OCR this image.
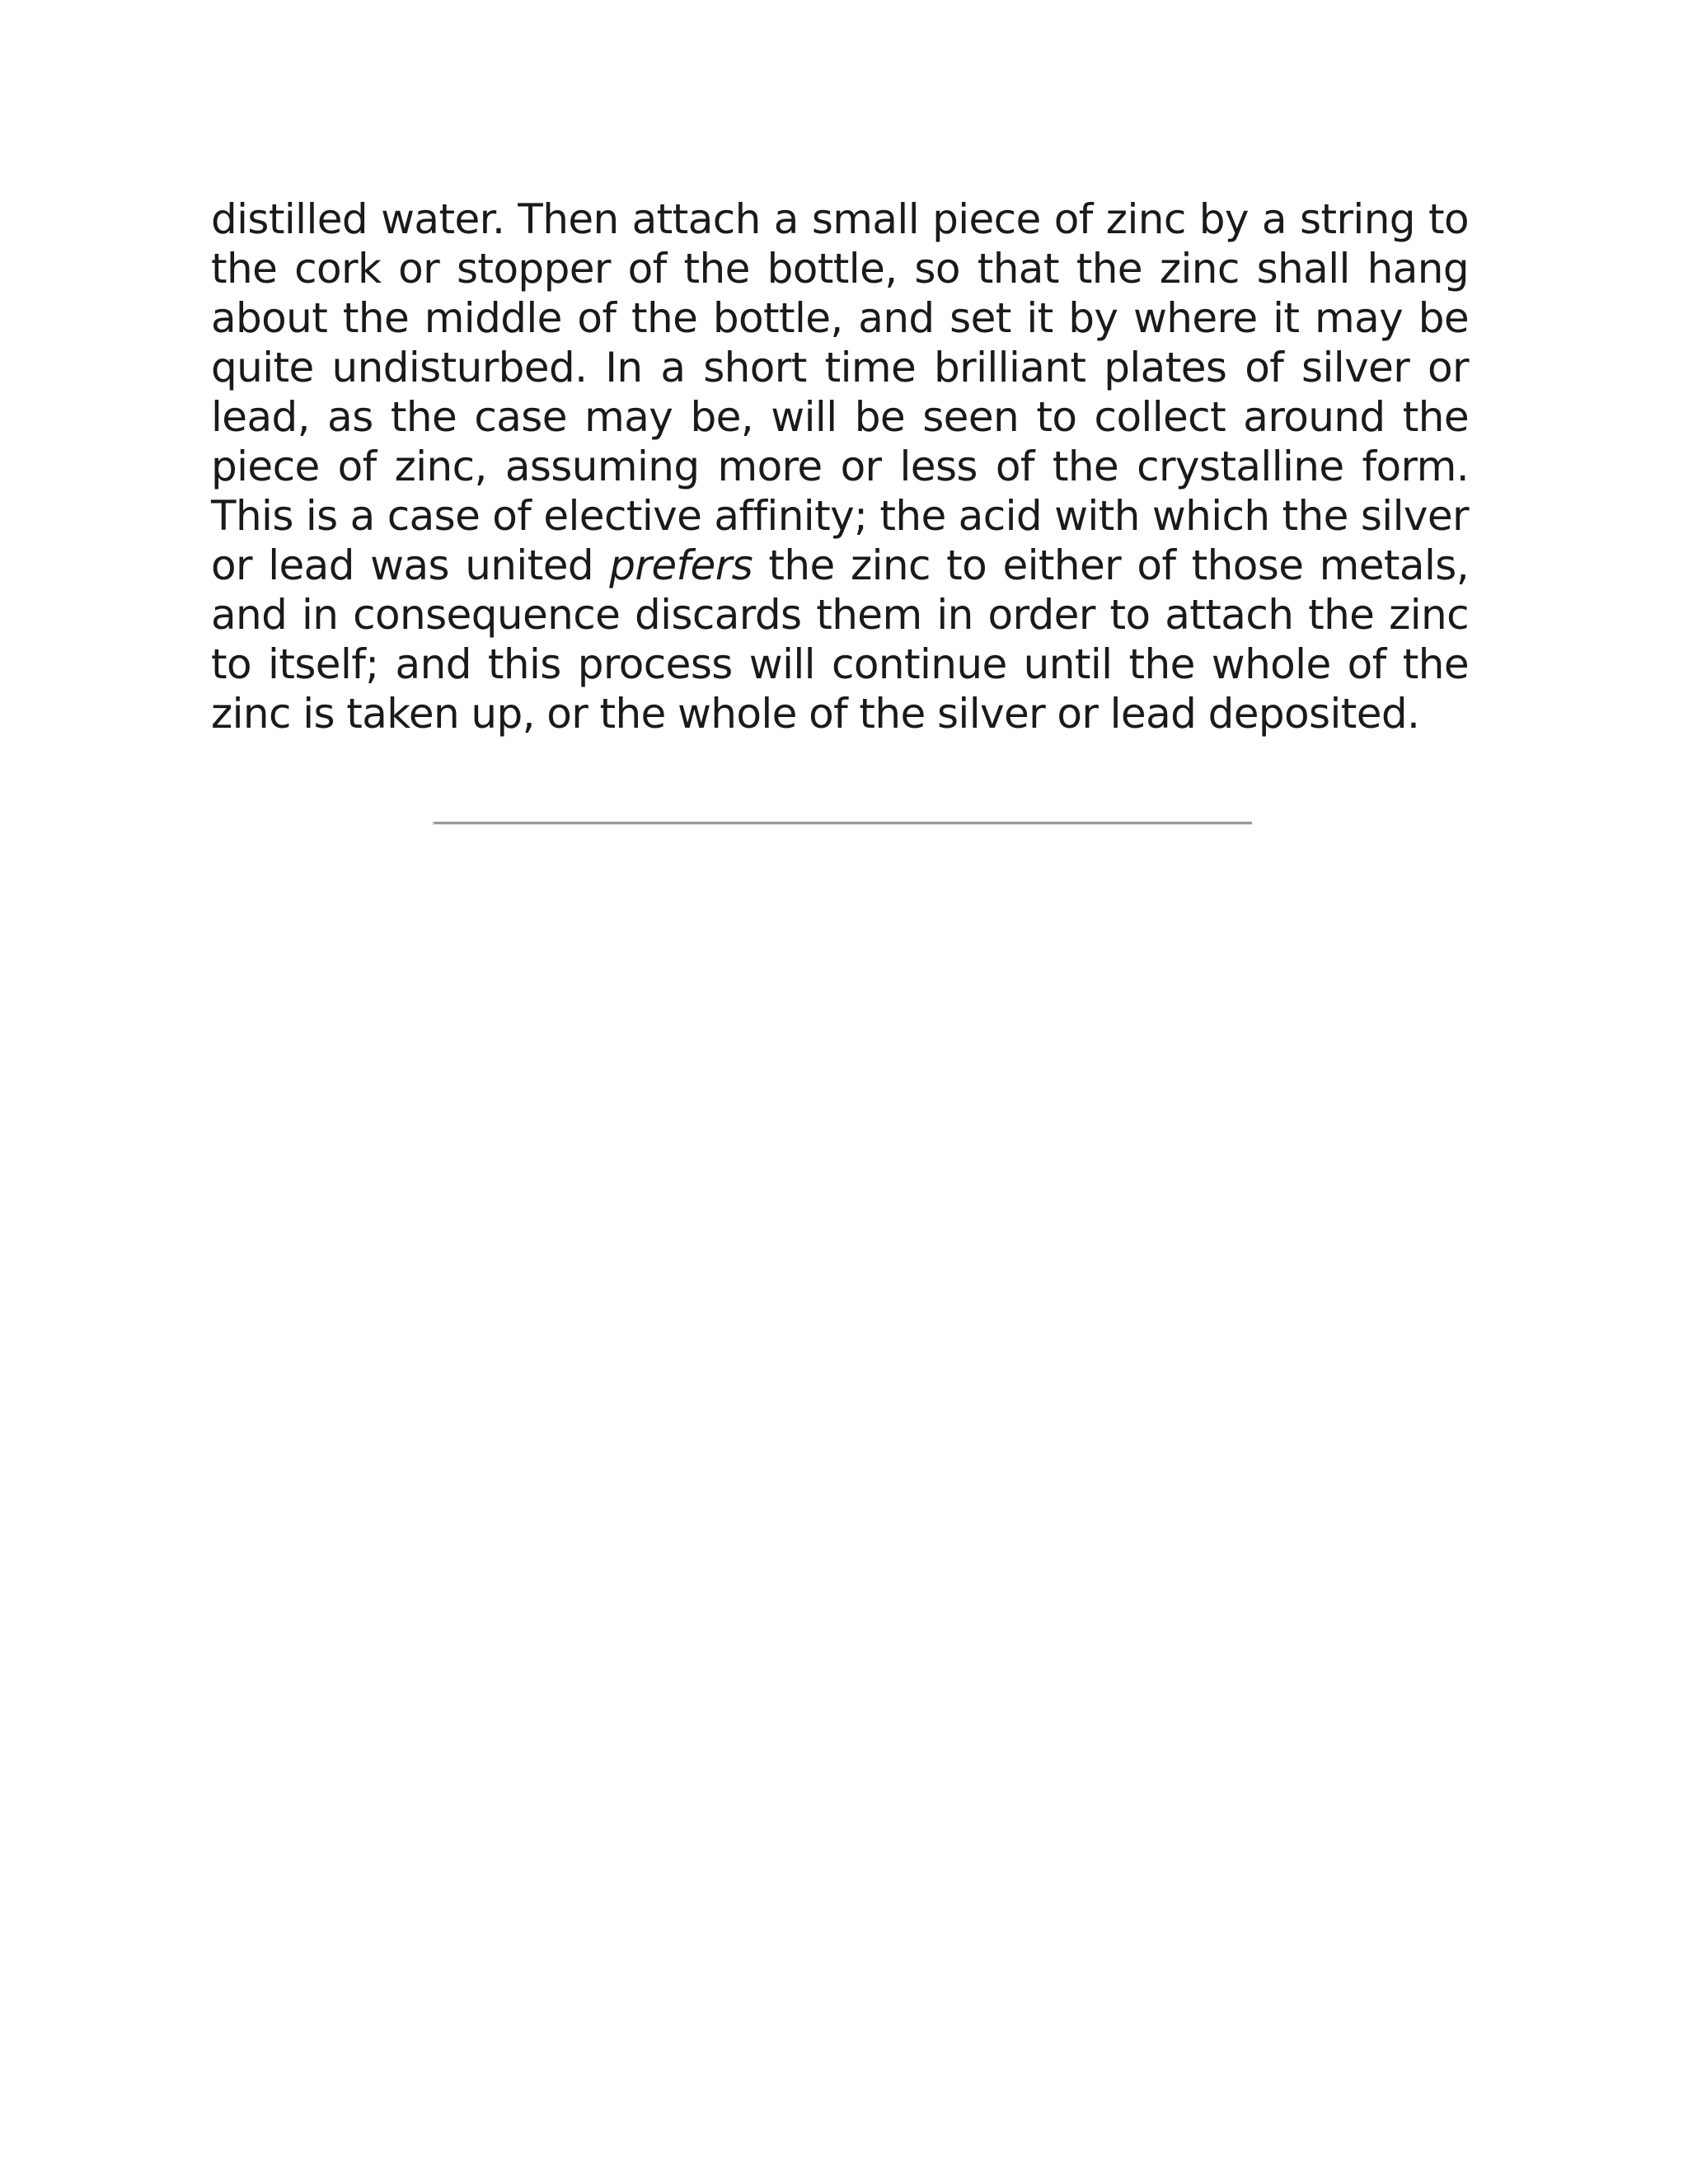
distilled water. Then attach a small piece of zinc by a string to the cork or stopper of the bottle, so that the zinc shall hang about the middle of the bottle, and set it by where it may be quite undisturbed. In a short time brilliant plates of silver or lead, as the case may be, will be seen to collect around the piece of zinc, assuming more or less of the crystalline form. This is a case of elective affinity; the acid with which the silver or lead was united prefers the zinc to either of those metals, and in consequence discards them in order to attach the zinc to itself; and this process will continue until the whole of the zinc is taken up, or the whole of the silver or lead deposited.
